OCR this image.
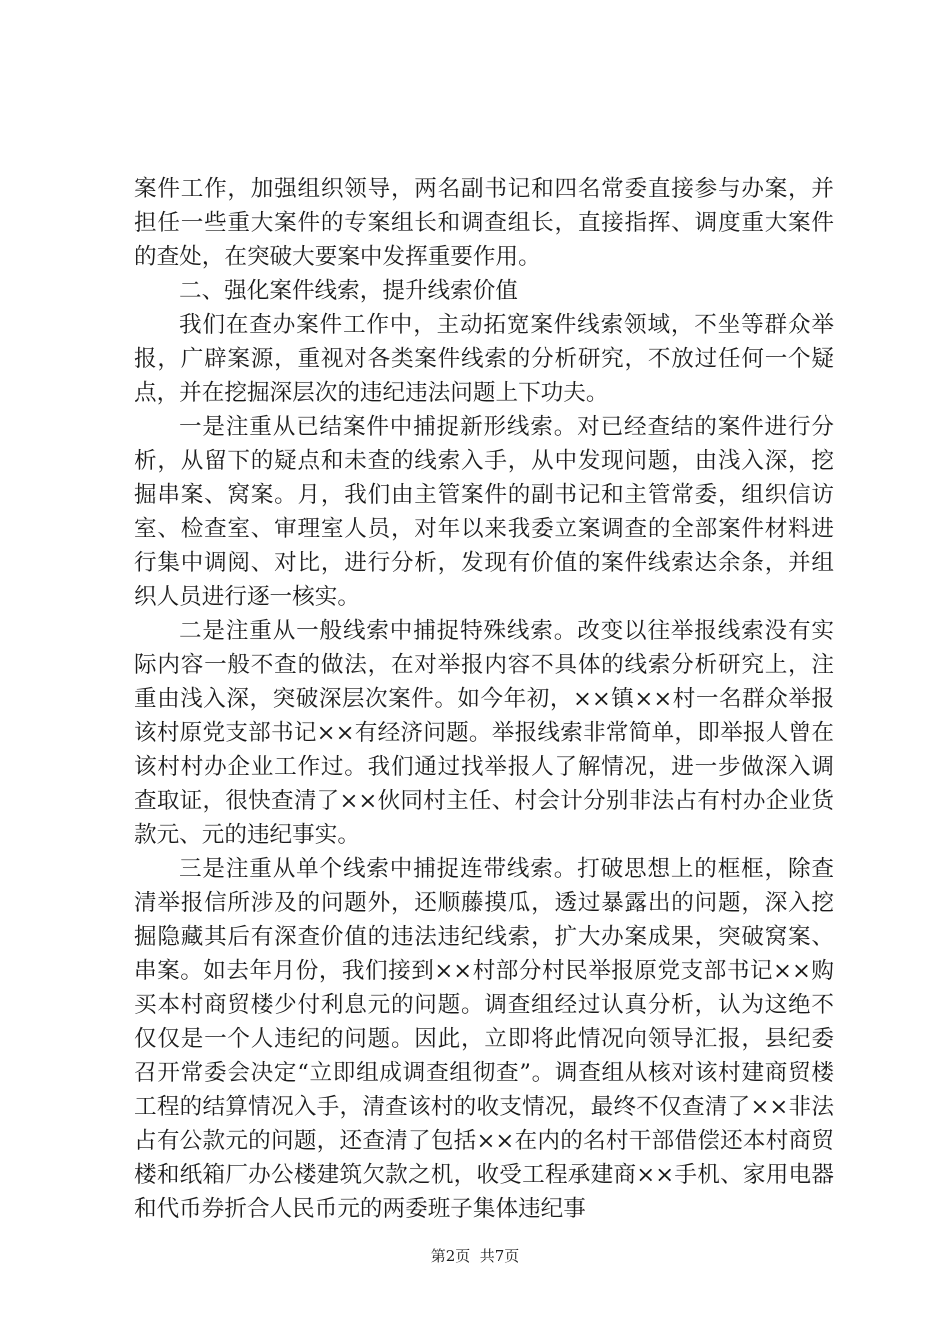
案件工作，加强组织领导，两名副书记和四名常委直接参与办案，并担任一些重大案件的专案组长和调查组长，直接指挥、调度重大案件的查处，在突破大要案中发挥重要作用。

二、强化案件线索，提升线索价值

我们在查办案件工作中，主动拓宽案件线索领域，不坐等群众举报，广辟案源，重视对各类案件线索的分析研究，不放过任何一个疑点，并在挖掘深层次的违纪违法问题上下功夫。

一是注重从已结案件中捕捉新形线索。对已经查结的案件进行分析，从留下的疑点和未查的线索入手，从中发现问题，由浅入深，挖掘串案、窝案。月，我们由主管案件的副书记和主管常委，组织信访室、检查室、审理室人员，对年以来我委立案调查的全部案件材料进行集中调阅、对比，进行分析，发现有价值的案件线索达余条，并组织人员进行逐一核实。

二是注重从一般线索中捕捉特殊线索。改变以往举报线索没有实际内容一般不查的做法，在对举报内容不具体的线索分析研究上，注重由浅入深，突破深层次案件。如今年初，××镇××村一名群众举报该村原党支部书记××有经济问题。举报线索非常简单，即举报人曾在该村村办企业工作过。我们通过找举报人了解情况，进一步做深入调查取证，很快查清了××伙同村主任、村会计分别非法占有村办企业货款元、元的违纪事实。

三是注重从单个线索中捕捉连带线索。打破思想上的框框，除查清举报信所涉及的问题外，还顺藤摸瓜，透过暴露出的问题，深入挖掘隐藏其后有深查价值的违法违纪线索，扩大办案成果，突破窝案、串案。如去年月份，我们接到××村部分村民举报原党支部书记××购买本村商贸楼少付利息元的问题。调查组经过认真分析，认为这绝不仅仅是一个人违纪的问题。因此，立即将此情况向领导汇报，县纪委召开常委会决定“立即组成调查组彻查”。调查组从核对该村建商贸楼工程的结算情况入手，清查该村的收支情况，最终不仅查清了××非法占有公款元的问题，还查清了包括××在内的名村干部借偿还本村商贸楼和纸箱厂办公楼建筑欠款之机，收受工程承建商××手机、家用电器和代币券折合人民币元的两委班子集体违纪事

第2页  共7页
